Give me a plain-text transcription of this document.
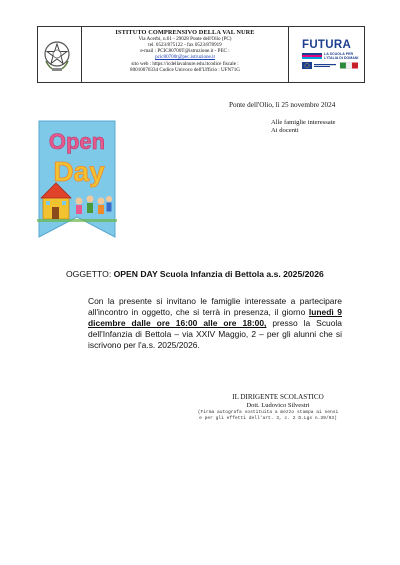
ISTITUTO COMPRENSIVO DELLA VAL NURE
Via Acerbi, n.61 - 29028 Ponte dell'Olio (PC)
tel. 0523/875122 - fax 0523/878919
e-mail : PCIC80700T@istruzione.it - PEC :
pcic80700t@pec.istruzione.it
sito web : https://icdellavalnure.edu.itcodice fiscale :
80010070334 Codice Univoco dell'Ufficio : UFN71G
FUTURA
LA SCUOLA PER L'ITALIA DI DOMANI
Ponte dell'Olio, lì 25 novembre 2024
Alle famiglie interessate
Ai docenti
Open
Day
OGGETTO: OPEN DAY Scuola Infanzia di Bettola a.s. 2025/2026

Con la presente si invitano le famiglie interessate a partecipare all'incontro in oggetto, che si terrà in presenza, il giorno lunedì 9 dicembre dalle ore 16:00 alle ore 18:00, presso la Scuola dell'Infanzia di Bettola – via XXIV Maggio, 2 – per gli alunni che si iscrivono per l'a.s. 2025/2026.

IL DIRIGENTE SCOLASTICO
Dott. Ludovico Silvestri
(Firma autografa sostituita a mezzo stampa ai sensi
e per gli effetti dell'art. 3, c. 2 D.Lgs n.39/93)
